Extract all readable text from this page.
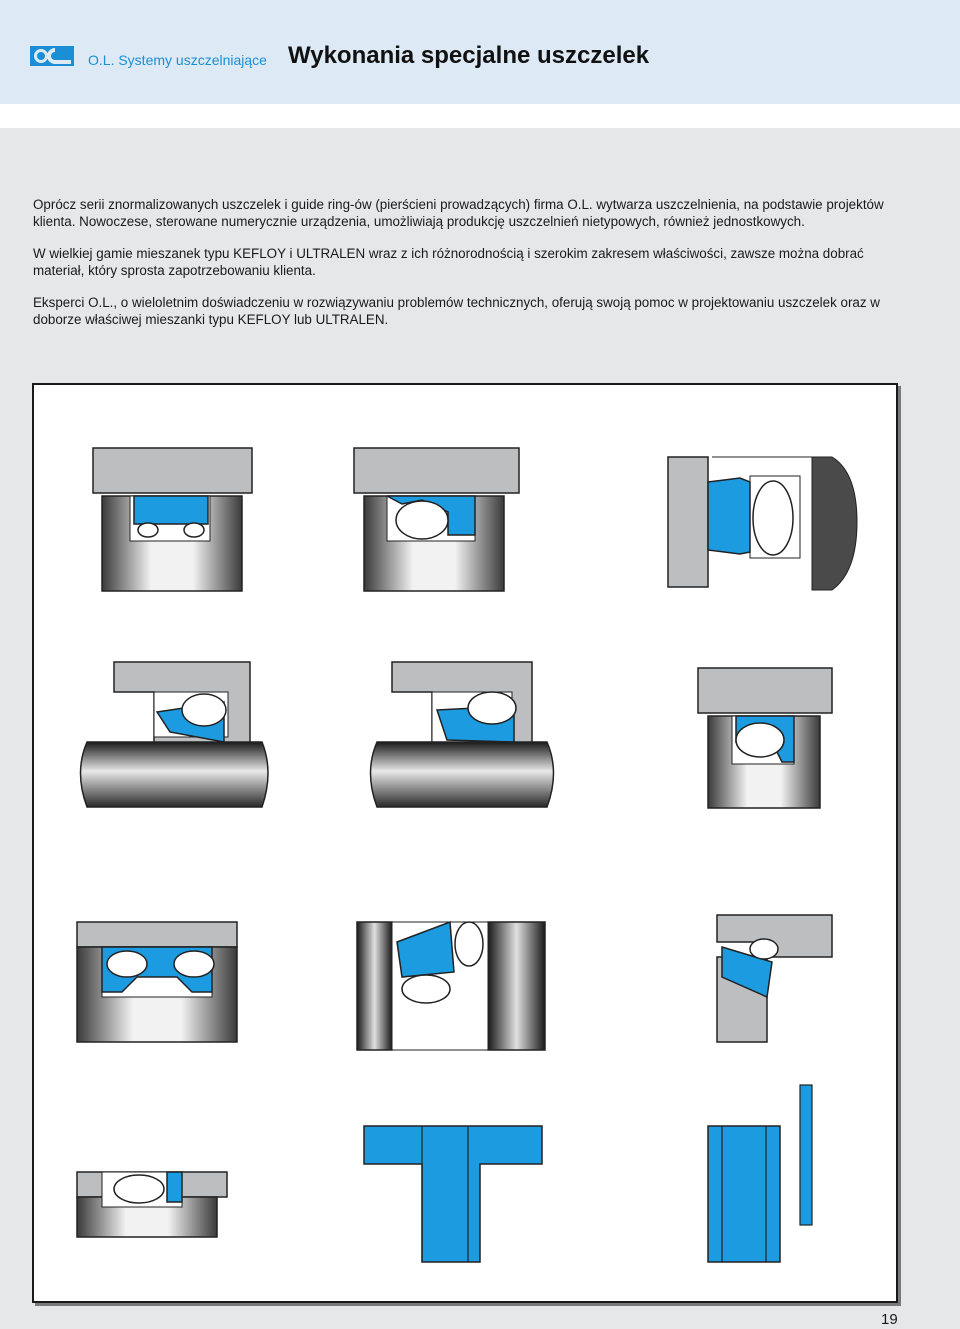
O.L. Systemy uszczelniające Wykonania specjalne uszczelek

Oprócz serii znormalizowanych uszczelek i guide ring-ów (pierścieni prowadzących) firma O.L. wytwarza uszczelnienia, na podstawie projektów klienta. Nowoczese, sterowane numerycznie urządzenia, umożliwiają produkcję uszczelnień nietypowych, również jednostkowych.

W wielkiej gamie mieszanek typu KEFLOY i ULTRALEN wraz z ich różnorodnością i szerokim zakresem właściwości, zawsze można dobrać materiał, który sprosta zapotrzebowaniu klienta.

Eksperci O.L., o wieloletnim doświadczeniu w rozwiązywaniu problemów technicznych, oferują swoją pomoc w projektowaniu uszczelek oraz w doborze właściwej mieszanki typu KEFLOY lub ULTRALEN.

19
